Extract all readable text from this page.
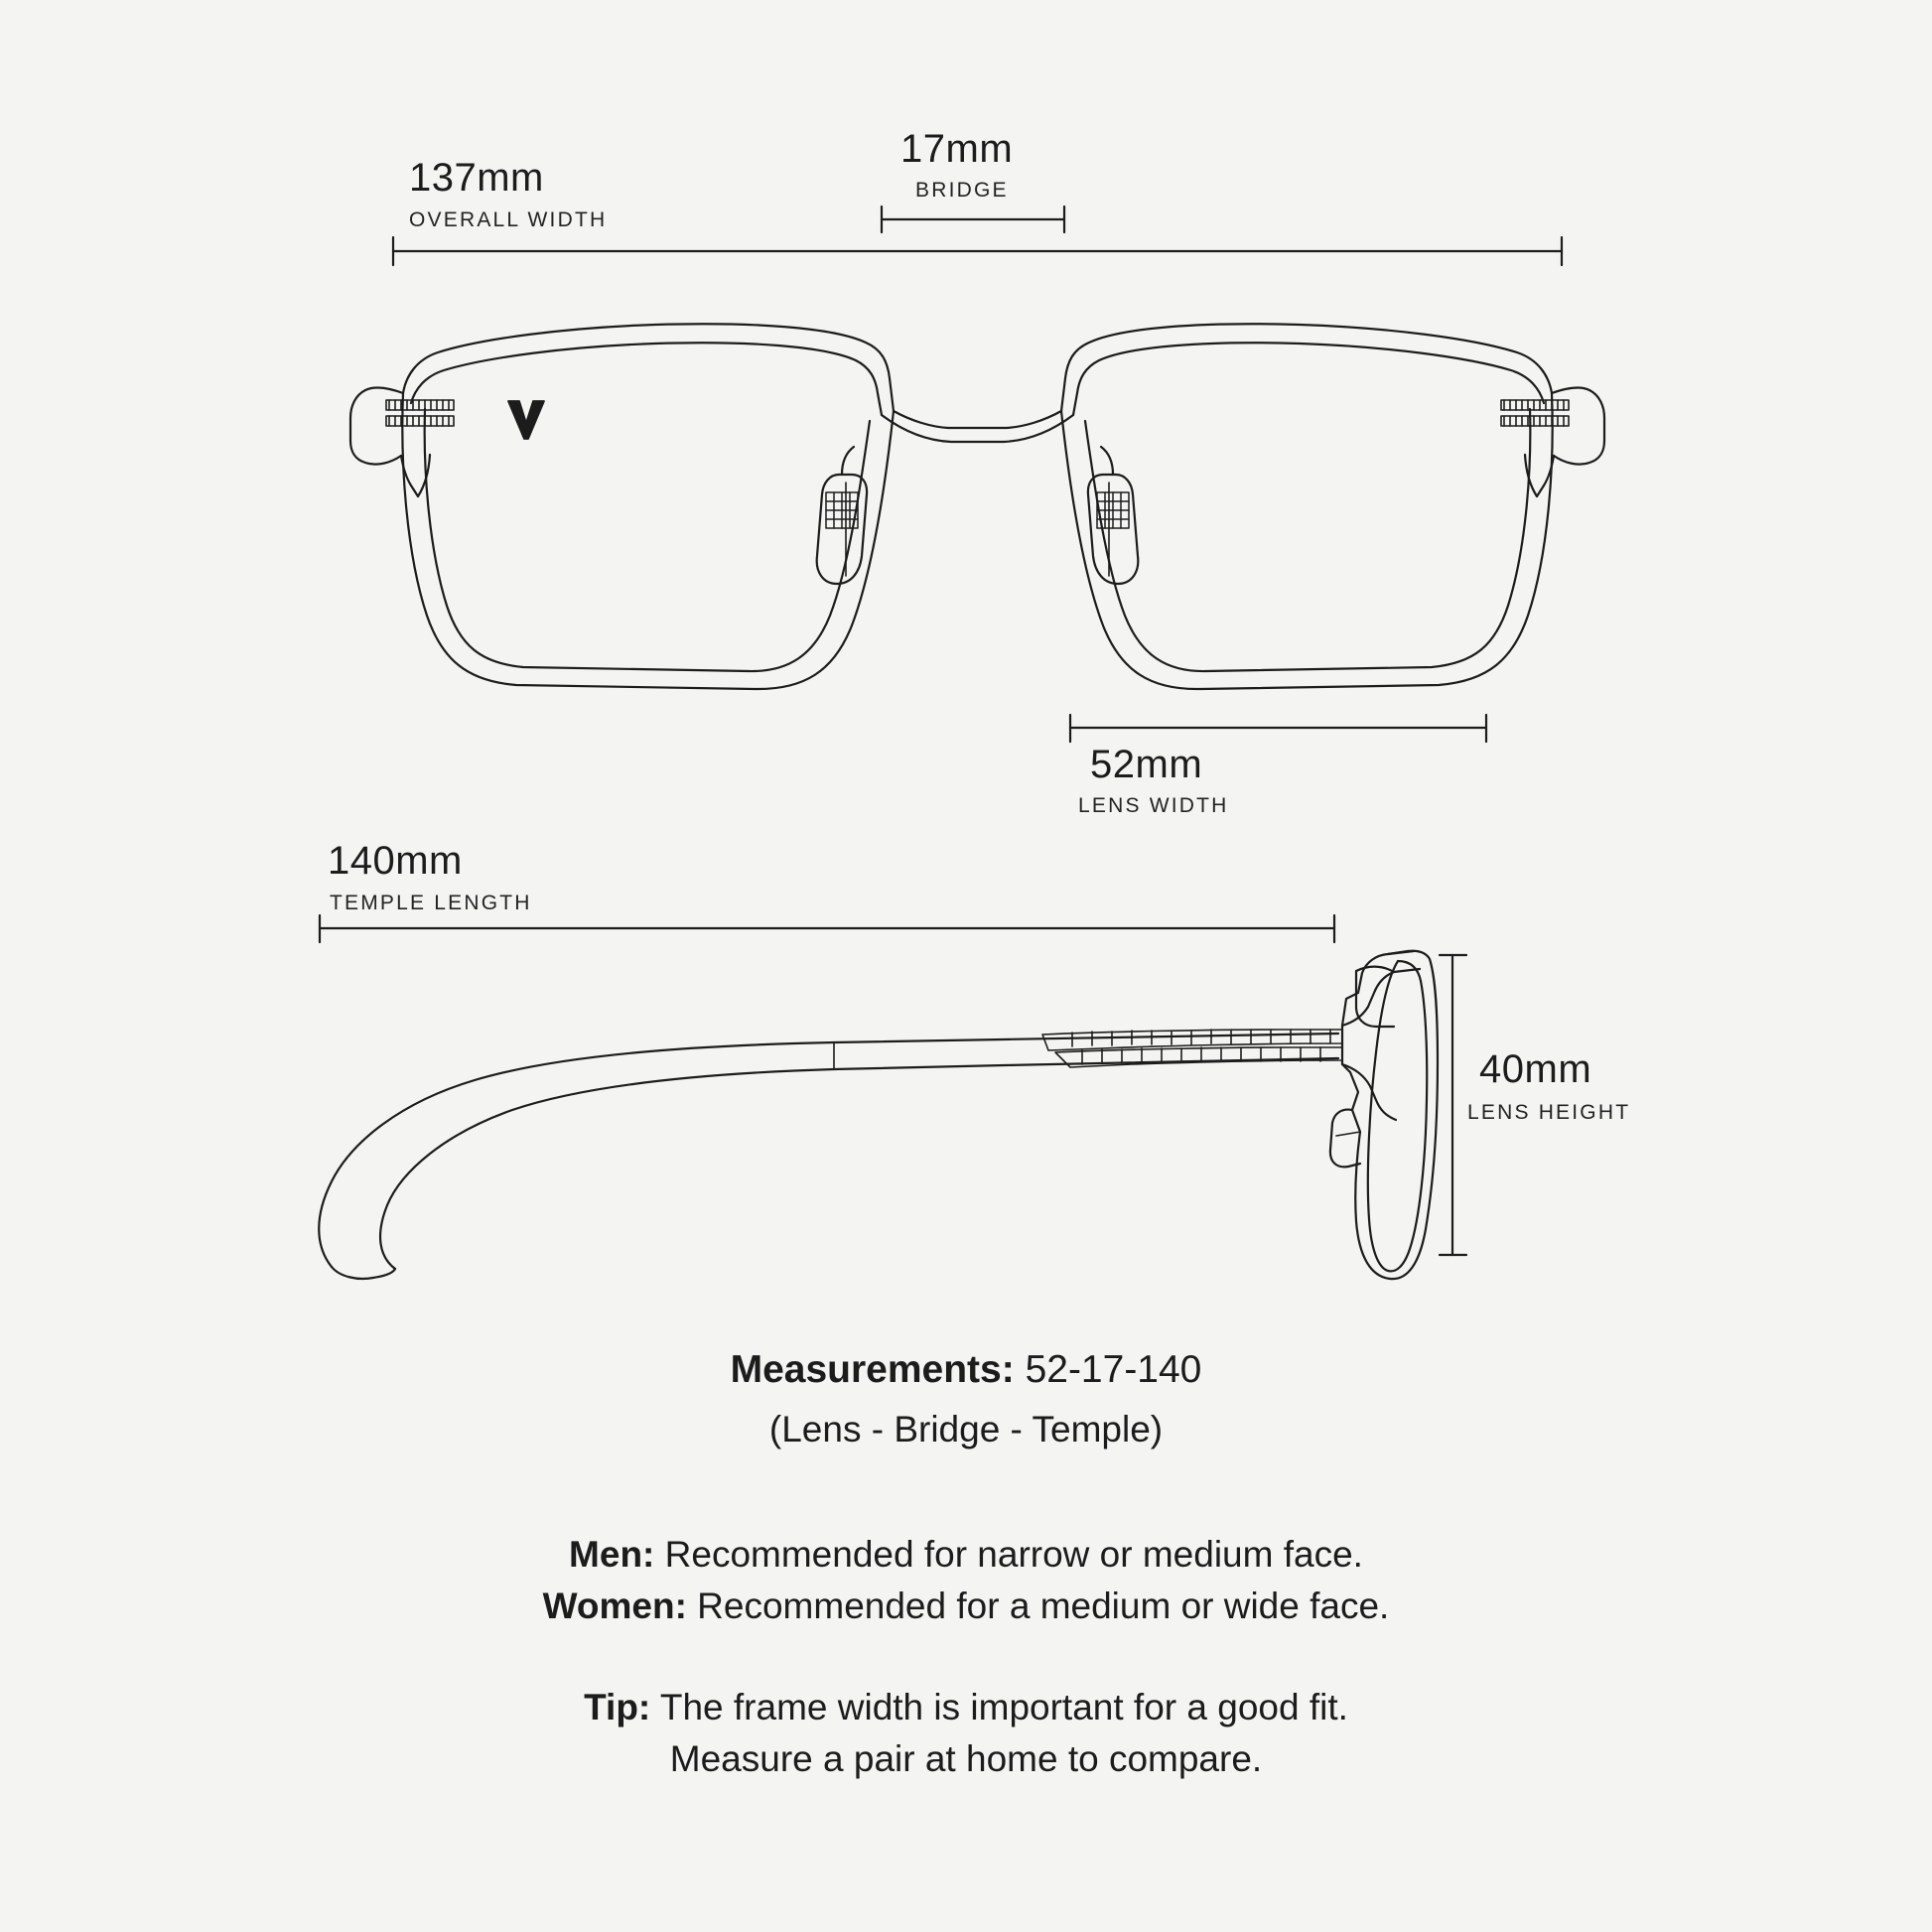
137mm
OVERALL WIDTH
17mm
BRIDGE
52mm
LENS WIDTH
140mm
TEMPLE LENGTH
40mm
LENS HEIGHT
Measurements: 52-17-140
(Lens - Bridge - Temple)
Men: Recommended for narrow or medium face.
Women: Recommended for a medium or wide face.
Tip: The frame width is important for a good fit.
Measure a pair at home to compare.
